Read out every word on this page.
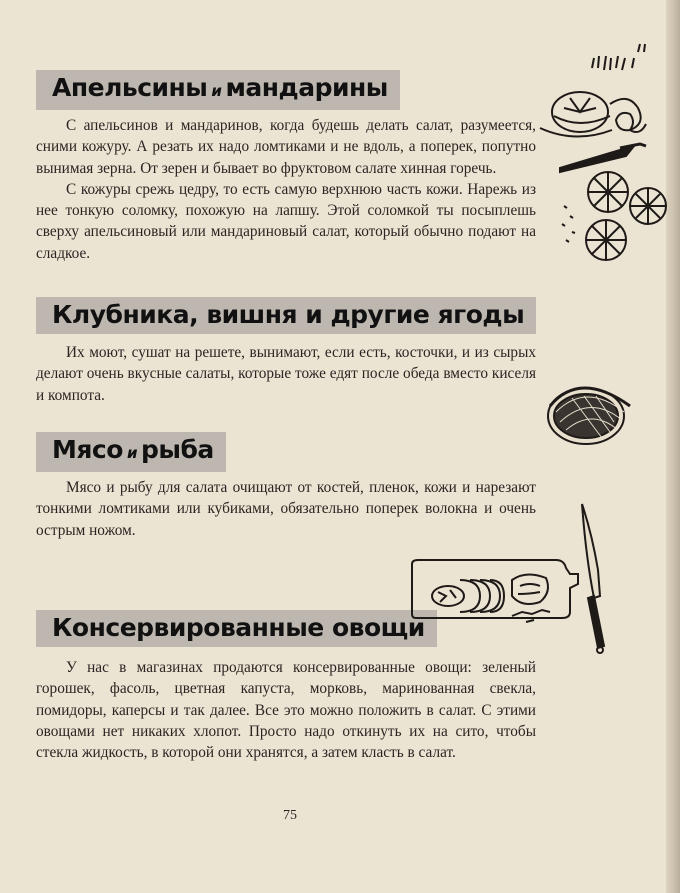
Апельсины и мандарины

С апельсинов и мандаринов, когда будешь делать салат, разумеется, сними кожуру. А резать их надо ломтиками и не вдоль, а поперек, попутно вынимая зерна. От зерен и бывает во фруктовом салате хинная горечь.

С кожуры срежь цедру, то есть самую верхнюю часть кожи. Нарежь из нее тонкую соломку, похожую на лапшу. Этой соломкой ты посыплешь сверху апельсиновый или мандариновый салат, который обычно подают на сладкое.

Клубника, вишня и другие ягоды

Их моют, сушат на решете, вынимают, если есть, косточки, и из сырых делают очень вкусные салаты, которые тоже едят после обеда вместо киселя и компота.

Мясо и рыба

Мясо и рыбу для салата очищают от костей, пленок, кожи и нарезают тонкими ломтиками или кубиками, обязательно поперек волокна и очень острым ножом.

Консервированные овощи

У нас в магазинах продаются консервированные овощи: зеленый горошек, фасоль, цветная капуста, морковь, маринованная свекла, помидоры, каперсы и так далее. Все это можно положить в салат. С этими овощами нет никаких хлопот. Просто надо откинуть их на сито, чтобы стекла жидкость, в которой они хранятся, а затем класть в салат.

75
